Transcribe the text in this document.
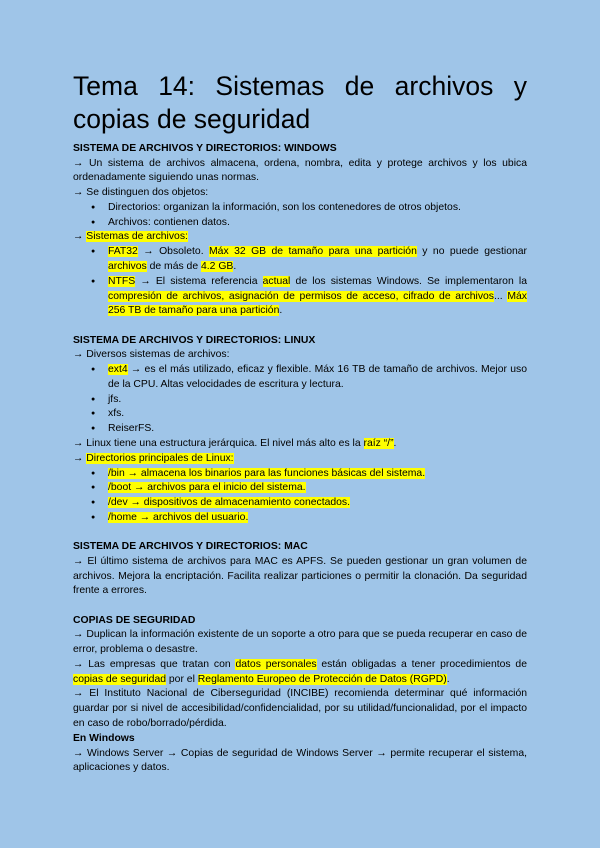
Tema 14: Sistemas de archivos y copias de seguridad
SISTEMA DE ARCHIVOS Y DIRECTORIOS: WINDOWS

→ Un sistema de archivos almacena, ordena, nombra, edita y protege archivos y los ubica ordenadamente siguiendo unas normas.

→ Se distinguen dos objetos:

● Directorios: organizan la información, son los contenedores de otros objetos.
● Archivos: contienen datos.

→ Sistemas de archivos:

● FAT32 → Obsoleto. Máx 32 GB de tamaño para una partición y no puede gestionar archivos de más de 4.2 GB.
● NTFS → El sistema referencia actual de los sistemas Windows. Se implementaron la compresión de archivos, asignación de permisos de acceso, cifrado de archivos... Máx 256 TB de tamaño para una partición.
SISTEMA DE ARCHIVOS Y DIRECTORIOS: LINUX

→ Diversos sistemas de archivos:

● ext4 → es el más utilizado, eficaz y flexible. Máx 16 TB de tamaño de archivos. Mejor uso de la CPU. Altas velocidades de escritura y lectura.
● jfs.
● xfs.
● ReiserFS.

→ Linux tiene una estructura jerárquica. El nivel más alto es la raíz “/”.

→ Directorios principales de Linux:

● /bin → almacena los binarios para las funciones básicas del sistema.
● /boot → archivos para el inicio del sistema.
● /dev → dispositivos de almacenamiento conectados.
● /home → archivos del usuario.
SISTEMA DE ARCHIVOS Y DIRECTORIOS: MAC

→ El último sistema de archivos para MAC es APFS. Se pueden gestionar un gran volumen de archivos. Mejora la encriptación. Facilita realizar particiones o permitir la clonación. Da seguridad frente a errores.

COPIAS DE SEGURIDAD

→ Duplican la información existente de un soporte a otro para que se pueda recuperar en caso de error, problema o desastre.

→ Las empresas que tratan con datos personales están obligadas a tener procedimientos de copias de seguridad por el Reglamento Europeo de Protección de Datos (RGPD).

→ El Instituto Nacional de Ciberseguridad (INCIBE) recomienda determinar qué información guardar por si nivel de accesibilidad/confidencialidad, por su utilidad/funcionalidad, por el impacto en caso de robo/borrado/pérdida.

En Windows

→ Windows Server → Copias de seguridad de Windows Server → permite recuperar el sistema, aplicaciones y datos.
